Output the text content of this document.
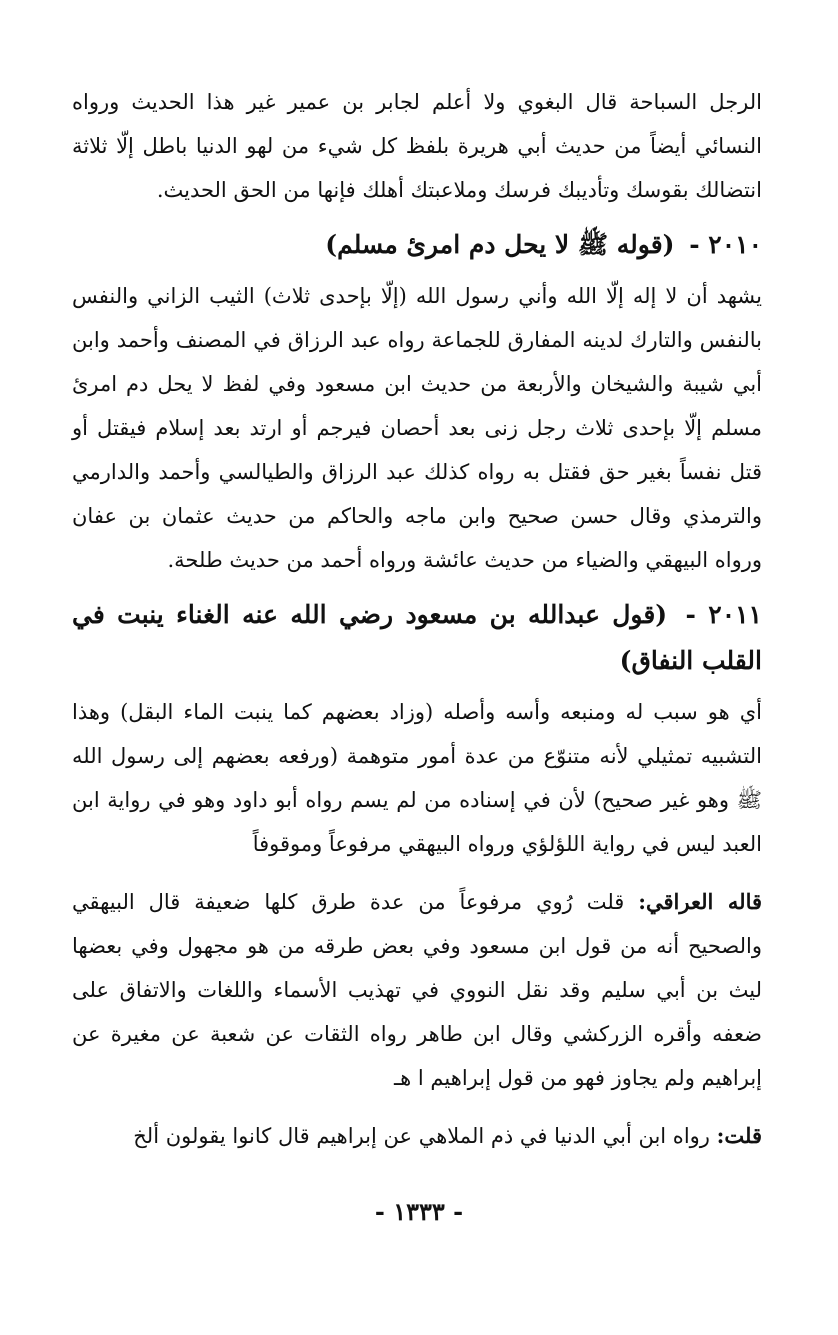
الرجل السباحة قال البغوي ولا أعلم لجابر بن عمير غير هذا الحديث ورواه النسائي أيضاً من حديث أبي هريرة بلفظ كل شيء من لهو الدنيا باطل إلّا ثلاثة انتضالك بقوسك وتأديبك فرسك وملاعبتك أهلك فإنها من الحق الحديث.

٢٠١٠ - (قوله ﷺ لا يحل دم امرئ مسلم)

يشهد أن لا إله إلّا الله وأني رسول الله (إلّا بإحدى ثلاث) الثيب الزاني والنفس بالنفس والتارك لدينه المفارق للجماعة رواه عبد الرزاق في المصنف وأحمد وابن أبي شيبة والشيخان والأربعة من حديث ابن مسعود وفي لفظ لا يحل دم امرئ مسلم إلّا بإحدى ثلاث رجل زنى بعد أحصان فيرجم أو ارتد بعد إسلام فيقتل أو قتل نفساً بغير حق فقتل به رواه كذلك عبد الرزاق والطيالسي وأحمد والدارمي والترمذي وقال حسن صحيح وابن ماجه والحاكم من حديث عثمان بن عفان ورواه البيهقي والضياء من حديث عائشة ورواه أحمد من حديث طلحة.

٢٠١١ - (قول عبدالله بن مسعود رضي الله عنه الغناء ينبت في القلب النفاق)

أي هو سبب له ومنبعه وأسه وأصله (وزاد بعضهم كما ينبت الماء البقل) وهذا التشبيه تمثيلي لأنه متنوّع من عدة أمور متوهمة (ورفعه بعضهم إلى رسول الله ﷺ وهو غير صحيح) لأن في إسناده من لم يسم رواه أبو داود وهو في رواية ابن العبد ليس في رواية اللؤلؤي ورواه البيهقي مرفوعاً وموقوفاً

قاله العراقي: قلت رُوي مرفوعاً من عدة طرق كلها ضعيفة قال البيهقي والصحيح أنه من قول ابن مسعود وفي بعض طرقه من هو مجهول وفي بعضها ليث بن أبي سليم وقد نقل النووي في تهذيب الأسماء واللغات والاتفاق على ضعفه وأقره الزركشي وقال ابن طاهر رواه الثقات عن شعبة عن مغيرة عن إبراهيم ولم يجاوز فهو من قول إبراهيم ا هـ

قلت: رواه ابن أبي الدنيا في ذم الملاهي عن إبراهيم قال كانوا يقولون ألخ

- ١٣٣٣ -
